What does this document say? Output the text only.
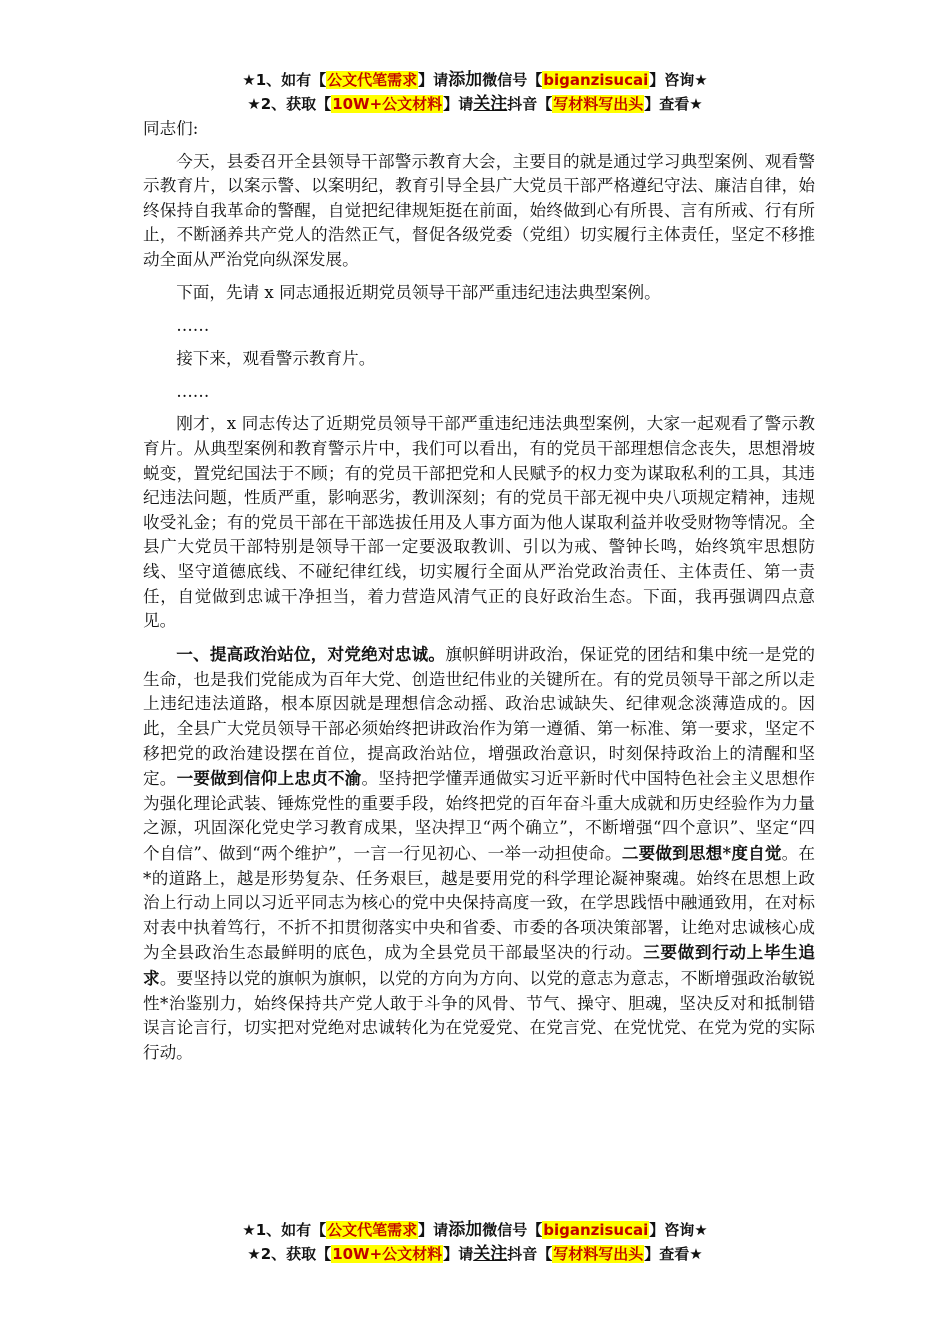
★1、如有【公文代笔需求】请添加微信号【biganzisucai】咨询★
★2、获取【10W+公文材料】请关注抖音【写材料写出头】查看★

同志们:

今天，县委召开全县领导干部警示教育大会，主要目的就是通过学习典型案例、观看警示教育片，以案示警、以案明纪，教育引导全县广大党员干部严格遵纪守法、廉洁自律，始终保持自我革命的警醒，自觉把纪律规矩挺在前面，始终做到心有所畏、言有所戒、行有所止，不断涵养共产党人的浩然正气，督促各级党委（党组）切实履行主体责任，坚定不移推动全面从严治党向纵深发展。

下面，先请 x 同志通报近期党员领导干部严重违纪违法典型案例。

……

接下来，观看警示教育片。

……

刚才，x 同志传达了近期党员领导干部严重违纪违法典型案例，大家一起观看了警示教育片。从典型案例和教育警示片中，我们可以看出，有的党员干部理想信念丧失，思想滑坡蜕变，置党纪国法于不顾；有的党员干部把党和人民赋予的权力变为谋取私利的工具，其违纪违法问题，性质严重，影响恶劣，教训深刻；有的党员干部无视中央八项规定精神，违规收受礼金；有的党员干部在干部选拔任用及人事方面为他人谋取利益并收受财物等情况。全县广大党员干部特别是领导干部一定要汲取教训、引以为戒、警钟长鸣，始终筑牢思想防线、坚守道德底线、不碰纪律红线，切实履行全面从严治党政治责任、主体责任、第一责任，自觉做到忠诚干净担当，着力营造风清气正的良好政治生态。下面，我再强调四点意见。

一、提高政治站位，对党绝对忠诚。旗帜鲜明讲政治，保证党的团结和集中统一是党的生命，也是我们党能成为百年大党、创造世纪伟业的关键所在。有的党员领导干部之所以走上违纪违法道路，根本原因就是理想信念动摇、政治忠诚缺失、纪律观念淡薄造成的。因此，全县广大党员领导干部必须始终把讲政治作为第一遵循、第一标准、第一要求，坚定不移把党的政治建设摆在首位，提高政治站位，增强政治意识，时刻保持政治上的清醒和坚定。一要做到信仰上忠贞不渝。坚持把学懂弄通做实习近平新时代中国特色社会主义思想作为强化理论武装、锤炼党性的重要手段，始终把党的百年奋斗重大成就和历史经验作为力量之源，巩固深化党史学习教育成果，坚决捍卫“两个确立”，不断增强“四个意识”、坚定“四个自信”、做到“两个维护”，一言一行见初心、一举一动担使命。二要做到思想*度自觉。在*的道路上，越是形势复杂、任务艰巨，越是要用党的科学理论凝神聚魂。始终在思想上政治上行动上同以习近平同志为核心的党中央保持高度一致，在学思践悟中融通致用，在对标对表中执着笃行，不折不扣贯彻落实中央和省委、市委的各项决策部署，让绝对忠诚核心成为全县政治生态最鲜明的底色，成为全县党员干部最坚决的行动。三要做到行动上毕生追求。要坚持以党的旗帜为旗帜，以党的方向为方向、以党的意志为意志，不断增强政治敏锐性*治鉴别力，始终保持共产党人敢于斗争的风骨、节气、操守、胆魂，坚决反对和抵制错误言论言行，切实把对党绝对忠诚转化为在党爱党、在党言党、在党忧党、在党为党的实际行动。

★1、如有【公文代笔需求】请添加微信号【biganzisucai】咨询★
★2、获取【10W+公文材料】请关注抖音【写材料写出头】查看★
